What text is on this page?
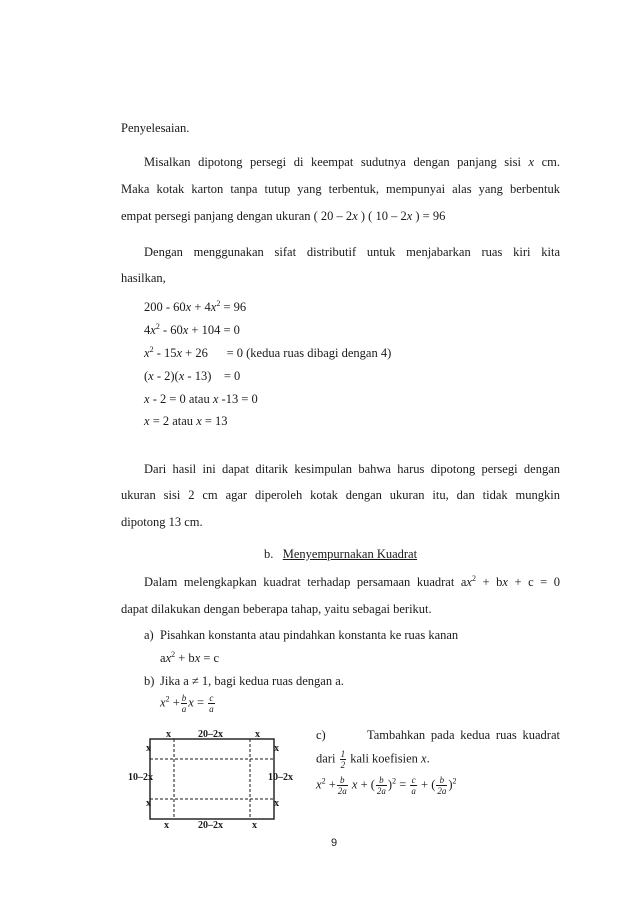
Penyelesaian.
Misalkan dipotong persegi di keempat sudutnya dengan panjang sisi x cm.
Maka kotak karton tanpa tutup yang terbentuk, mempunyai alas yang berbentuk
empat persegi panjang dengan ukuran ( 20 – 2x ) ( 10 – 2x ) = 96
Dengan menggunakan sifat distributif untuk menjabarkan ruas kiri kita
hasilkan,
$200 - 60x + 4x^2 = 96$
$4x^2 - 60x + 104 = 0$
$x^2 - 15x + 26$      = 0 (kedua ruas dibagi dengan 4)
(x - 2)(x - 13)    = 0
x - 2 = 0 atau x -13 = 0
x = 2 atau x = 13
Dari hasil ini dapat ditarik kesimpulan bahwa harus dipotong persegi dengan
ukuran sisi 2 cm agar diperoleh kotak dengan ukuran itu, dan tidak mungkin
dipotong 13 cm.
b. Menyempurnakan Kuadrat
Dalam melengkapkan kuadrat terhadap persamaan kuadrat $ax^2$ + bx + c = 0
dapat dilakukan dengan beberapa tahap, yaitu sebagai berikut.
a) Pisahkan konstanta atau pindahkan konstanta ke ruas kanan
$ax^2$ + bx = c
b) Jika a ≠ 1, bagi kedua ruas dengan a.
$x^2 + \frac{b}{a}$ $x = \frac{c}{a}$
c)	Tambahkan pada kedua ruas kuadrat
dari $\frac{1}{2}$ kali koefisien x.
$x^2 + \frac{b}{2a}$ x + ( $\frac{b}{2a} )^2 = \frac{c}{a}$ + ( $\frac{b}{2a} )^2$
x	20–2x	x
x
10–2x
x
x
10–2x
x
x	20–2x	x
9
